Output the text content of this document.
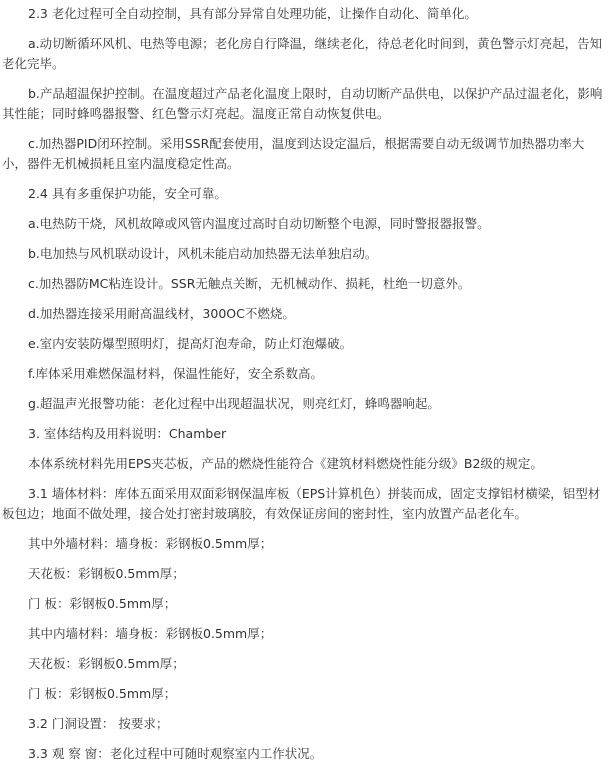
2.3 老化过程可全自动控制，具有部分异常自处理功能，让操作自动化、简单化。

a.动切断循环风机、电热等电源；老化房自行降温，继续老化，待总老化时间到，黄色警示灯亮起，告知老化完毕。

b.产品超温保护控制。在温度超过产品老化温度上限时，自动切断产品供电，以保护产品过温老化，影响其性能；同时蜂鸣器报警、红色警示灯亮起。温度正常自动恢复供电。

c.加热器PID闭环控制。采用SSR配套使用，温度到达设定温后，根据需要自动无级调节加热器功率大小，器件无机械损耗且室内温度稳定性高。

2.4 具有多重保护功能，安全可靠。

a.电热防干烧，风机故障或风管内温度过高时自动切断整个电源，同时警报器报警。

b.电加热与风机联动设计，风机未能启动加热器无法单独启动。

c.加热器防MC粘连设计。SSR无触点关断，无机械动作、损耗，杜绝一切意外。

d.加热器连接采用耐高温线材，300OC不燃烧。

e.室内安装防爆型照明灯，提高灯泡寿命，防止灯泡爆破。

f.库体采用难燃保温材料，保温性能好，安全系数高。

g.超温声光报警功能：老化过程中出现超温状况，则亮红灯，蜂鸣器响起。

3. 室体结构及用料说明：Chamber

本体系统材料先用EPS夹芯板，产品的燃烧性能符合《建筑材料燃烧性能分级》B2级的规定。

3.1 墙体材料：库体五面采用双面彩钢保温库板（EPS计算机色）拼装而成，固定支撑铝材横梁，铝型材板包边；地面不做处理，接合处打密封玻璃胶，有效保证房间的密封性，室内放置产品老化车。

其中外墙材料：墙身板：彩钢板0.5mm厚；

天花板：彩钢板0.5mm厚；

门 板：彩钢板0.5mm厚；

其中内墙材料：墙身板：彩钢板0.5mm厚；

天花板：彩钢板0.5mm厚；

门 板：彩钢板0.5mm厚；

3.2 门洞设置： 按要求；

3.3 观 察 窗：老化过程中可随时观察室内工作状况。
